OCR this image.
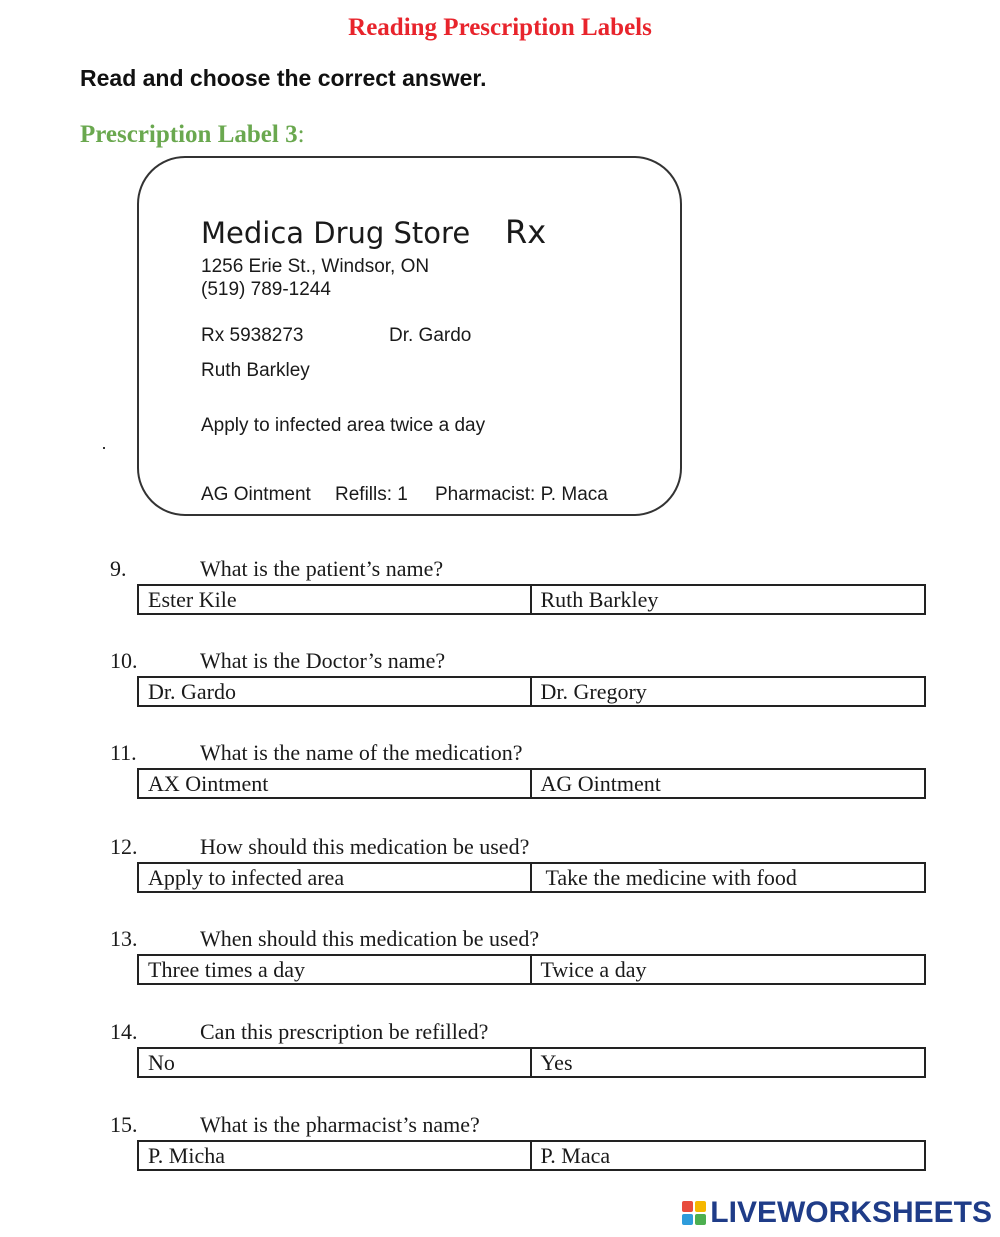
Reading Prescription Labels
Read and choose the correct answer.
Prescription Label 3:
Medica Drug Store Rx
1256 Erie St., Windsor, ON
(519) 789-1244
Rx 5938273	Dr. Gardo
Ruth Barkley
Apply to infected area twice a day
AG Ointment Refills: 1 Pharmacist: P. Maca
9.	What is the patient’s name?
Ester Kile	Ruth Barkley
10.	What is the Doctor’s name?
Dr. Gardo	Dr. Gregory
11.	What is the name of the medication?
AX Ointment	AG Ointment
12.	How should this medication be used?
Apply to infected area	Take the medicine with food
13.	When should this medication be used?
Three times a day	Twice a day
14.	Can this prescription be refilled?
No	Yes
15.	What is the pharmacist’s name?
P. Micha	P. Maca
LIVEWORKSHEETS
